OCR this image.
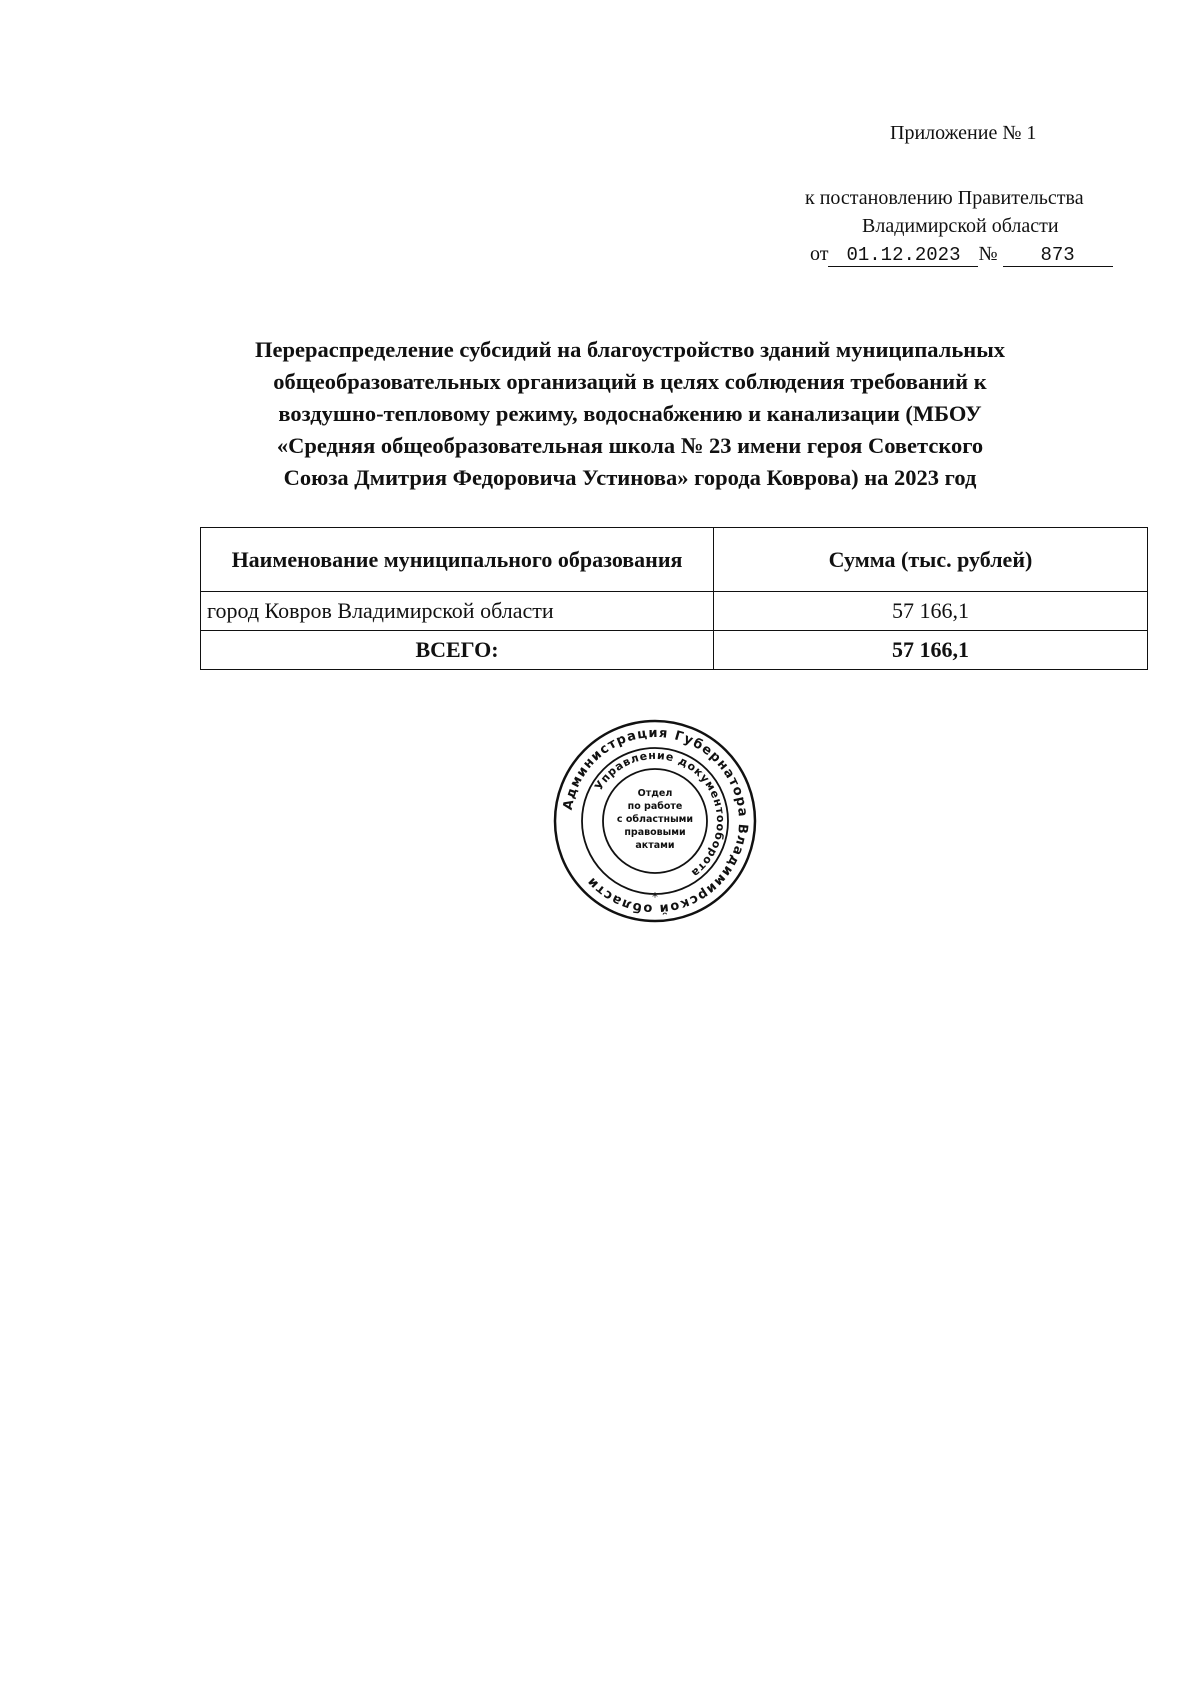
Приложение № 1
к постановлению Правительства
Владимирской области
от 01.12.2023 № 873
Перераспределение субсидий на благоустройство зданий муниципальных
общеобразовательных организаций в целях соблюдения требований к
воздушно-тепловому режиму, водоснабжению и канализации (МБОУ
«Средняя общеобразовательная школа № 23 имени героя Советского
Союза Дмитрия Федоровича Устинова» города Коврова) на 2023 год
Наименование муниципального образования	Сумма (тыс. рублей)
город Ковров Владимирской области	57 166,1
ВСЕГО:	57 166,1
Администрация Губернатора Владимирской области
Управление документооборота
*
Отдел
по работе
с областными
правовыми
актами
